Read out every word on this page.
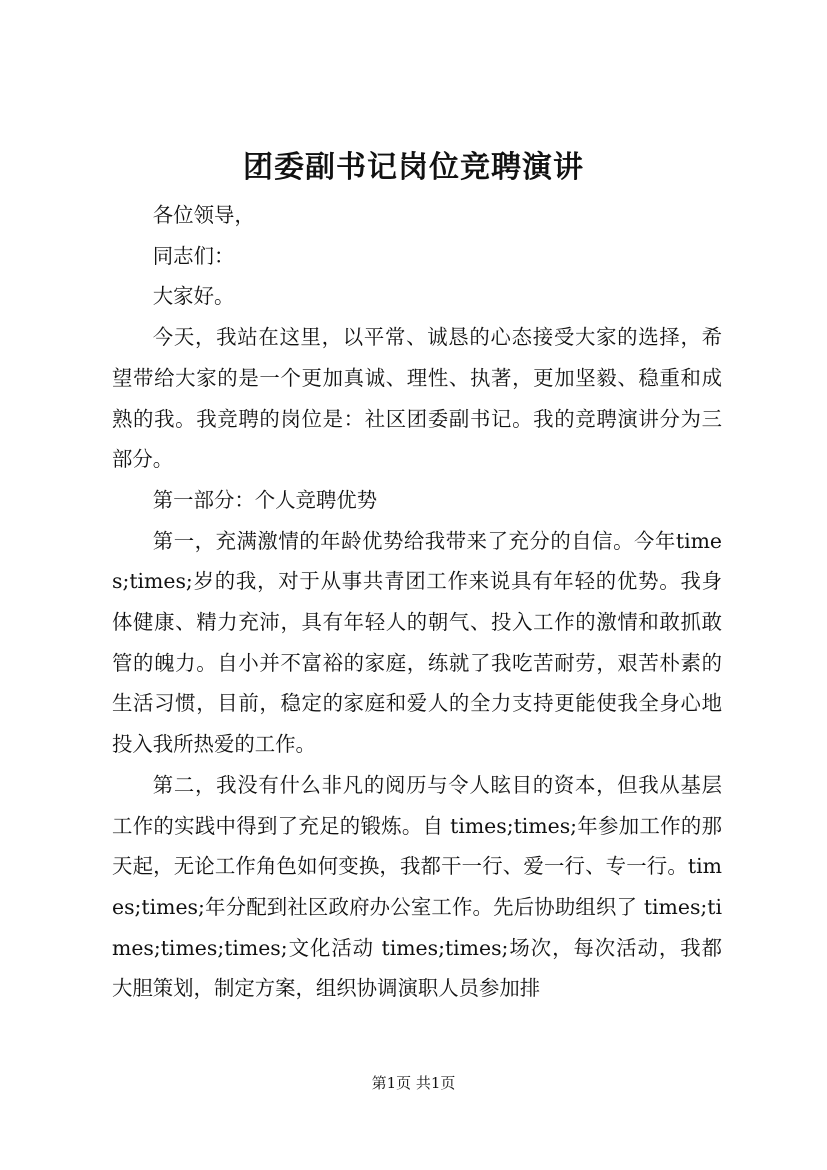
团委副书记岗位竞聘演讲

各位领导，

同志们：

大家好。

今天，我站在这里，以平常、诚恳的心态接受大家的选择，希望带给大家的是一个更加真诚、理性、执著，更加坚毅、稳重和成熟的我。我竞聘的岗位是：社区团委副书记。我的竞聘演讲分为三部分。

第一部分：个人竞聘优势

第一，充满激情的年龄优势给我带来了充分的自信。今年times;times;岁的我，对于从事共青团工作来说具有年轻的优势。我身体健康、精力充沛，具有年轻人的朝气、投入工作的激情和敢抓敢管的魄力。自小并不富裕的家庭，练就了我吃苦耐劳，艰苦朴素的生活习惯，目前，稳定的家庭和爱人的全力支持更能使我全身心地投入我所热爱的工作。

第二，我没有什么非凡的阅历与令人眩目的资本，但我从基层工作的实践中得到了充足的锻炼。自 times;times;年参加工作的那天起，无论工作角色如何变换，我都干一行、爱一行、专一行。times;times;年分配到社区政府办公室工作。先后协助组织了 times;times;times;times;文化活动 times;times;场次，每次活动，我都大胆策划，制定方案，组织协调演职人员参加排

第1页 共1页
